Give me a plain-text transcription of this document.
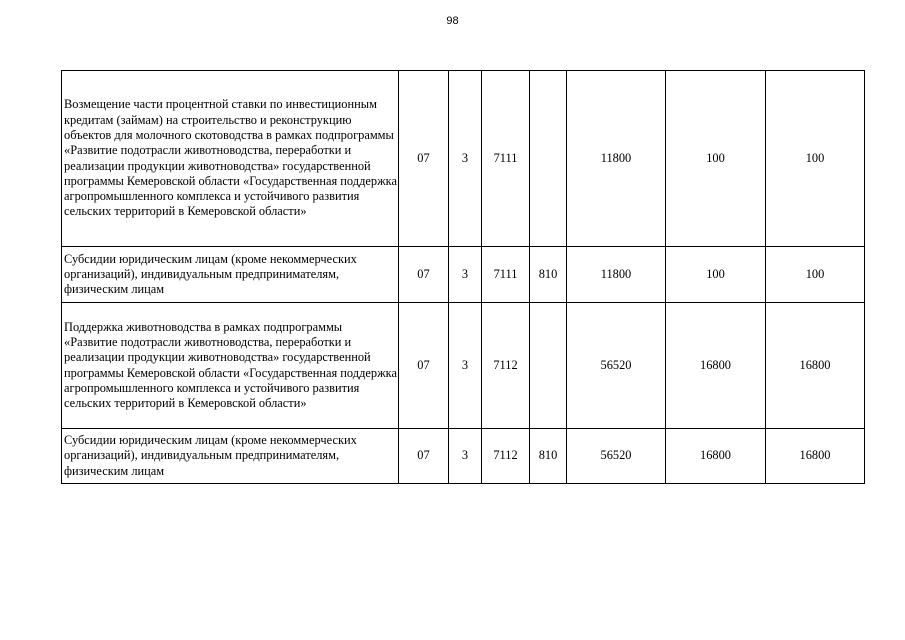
98
Возмещение части процентной ставки по инвестиционным кредитам (займам) на строительство и реконструкцию объектов для молочного скотоводства в рамках подпрограммы «Развитие подотрасли животноводства, переработки и реализации продукции животноводства» государственной программы Кемеровской области «Государственная поддержка агропромышленного комплекса и устойчивого развития сельских территорий в Кемеровской области»	07	3	7111		11800	100	100
Субсидии юридическим лицам (кроме некоммерческих организаций), индивидуальным предпринимателям, физическим лицам	07	3	7111	810	11800	100	100
Поддержка животноводства в рамках подпрограммы «Развитие подотрасли животноводства, переработки и реализации продукции животноводства» государственной программы Кемеровской области «Государственная поддержка агропромышленного комплекса и устойчивого развития сельских территорий в Кемеровской области»	07	3	7112		56520	16800	16800
Субсидии юридическим лицам (кроме некоммерческих организаций), индивидуальным предпринимателям, физическим лицам	07	3	7112	810	56520	16800	16800
